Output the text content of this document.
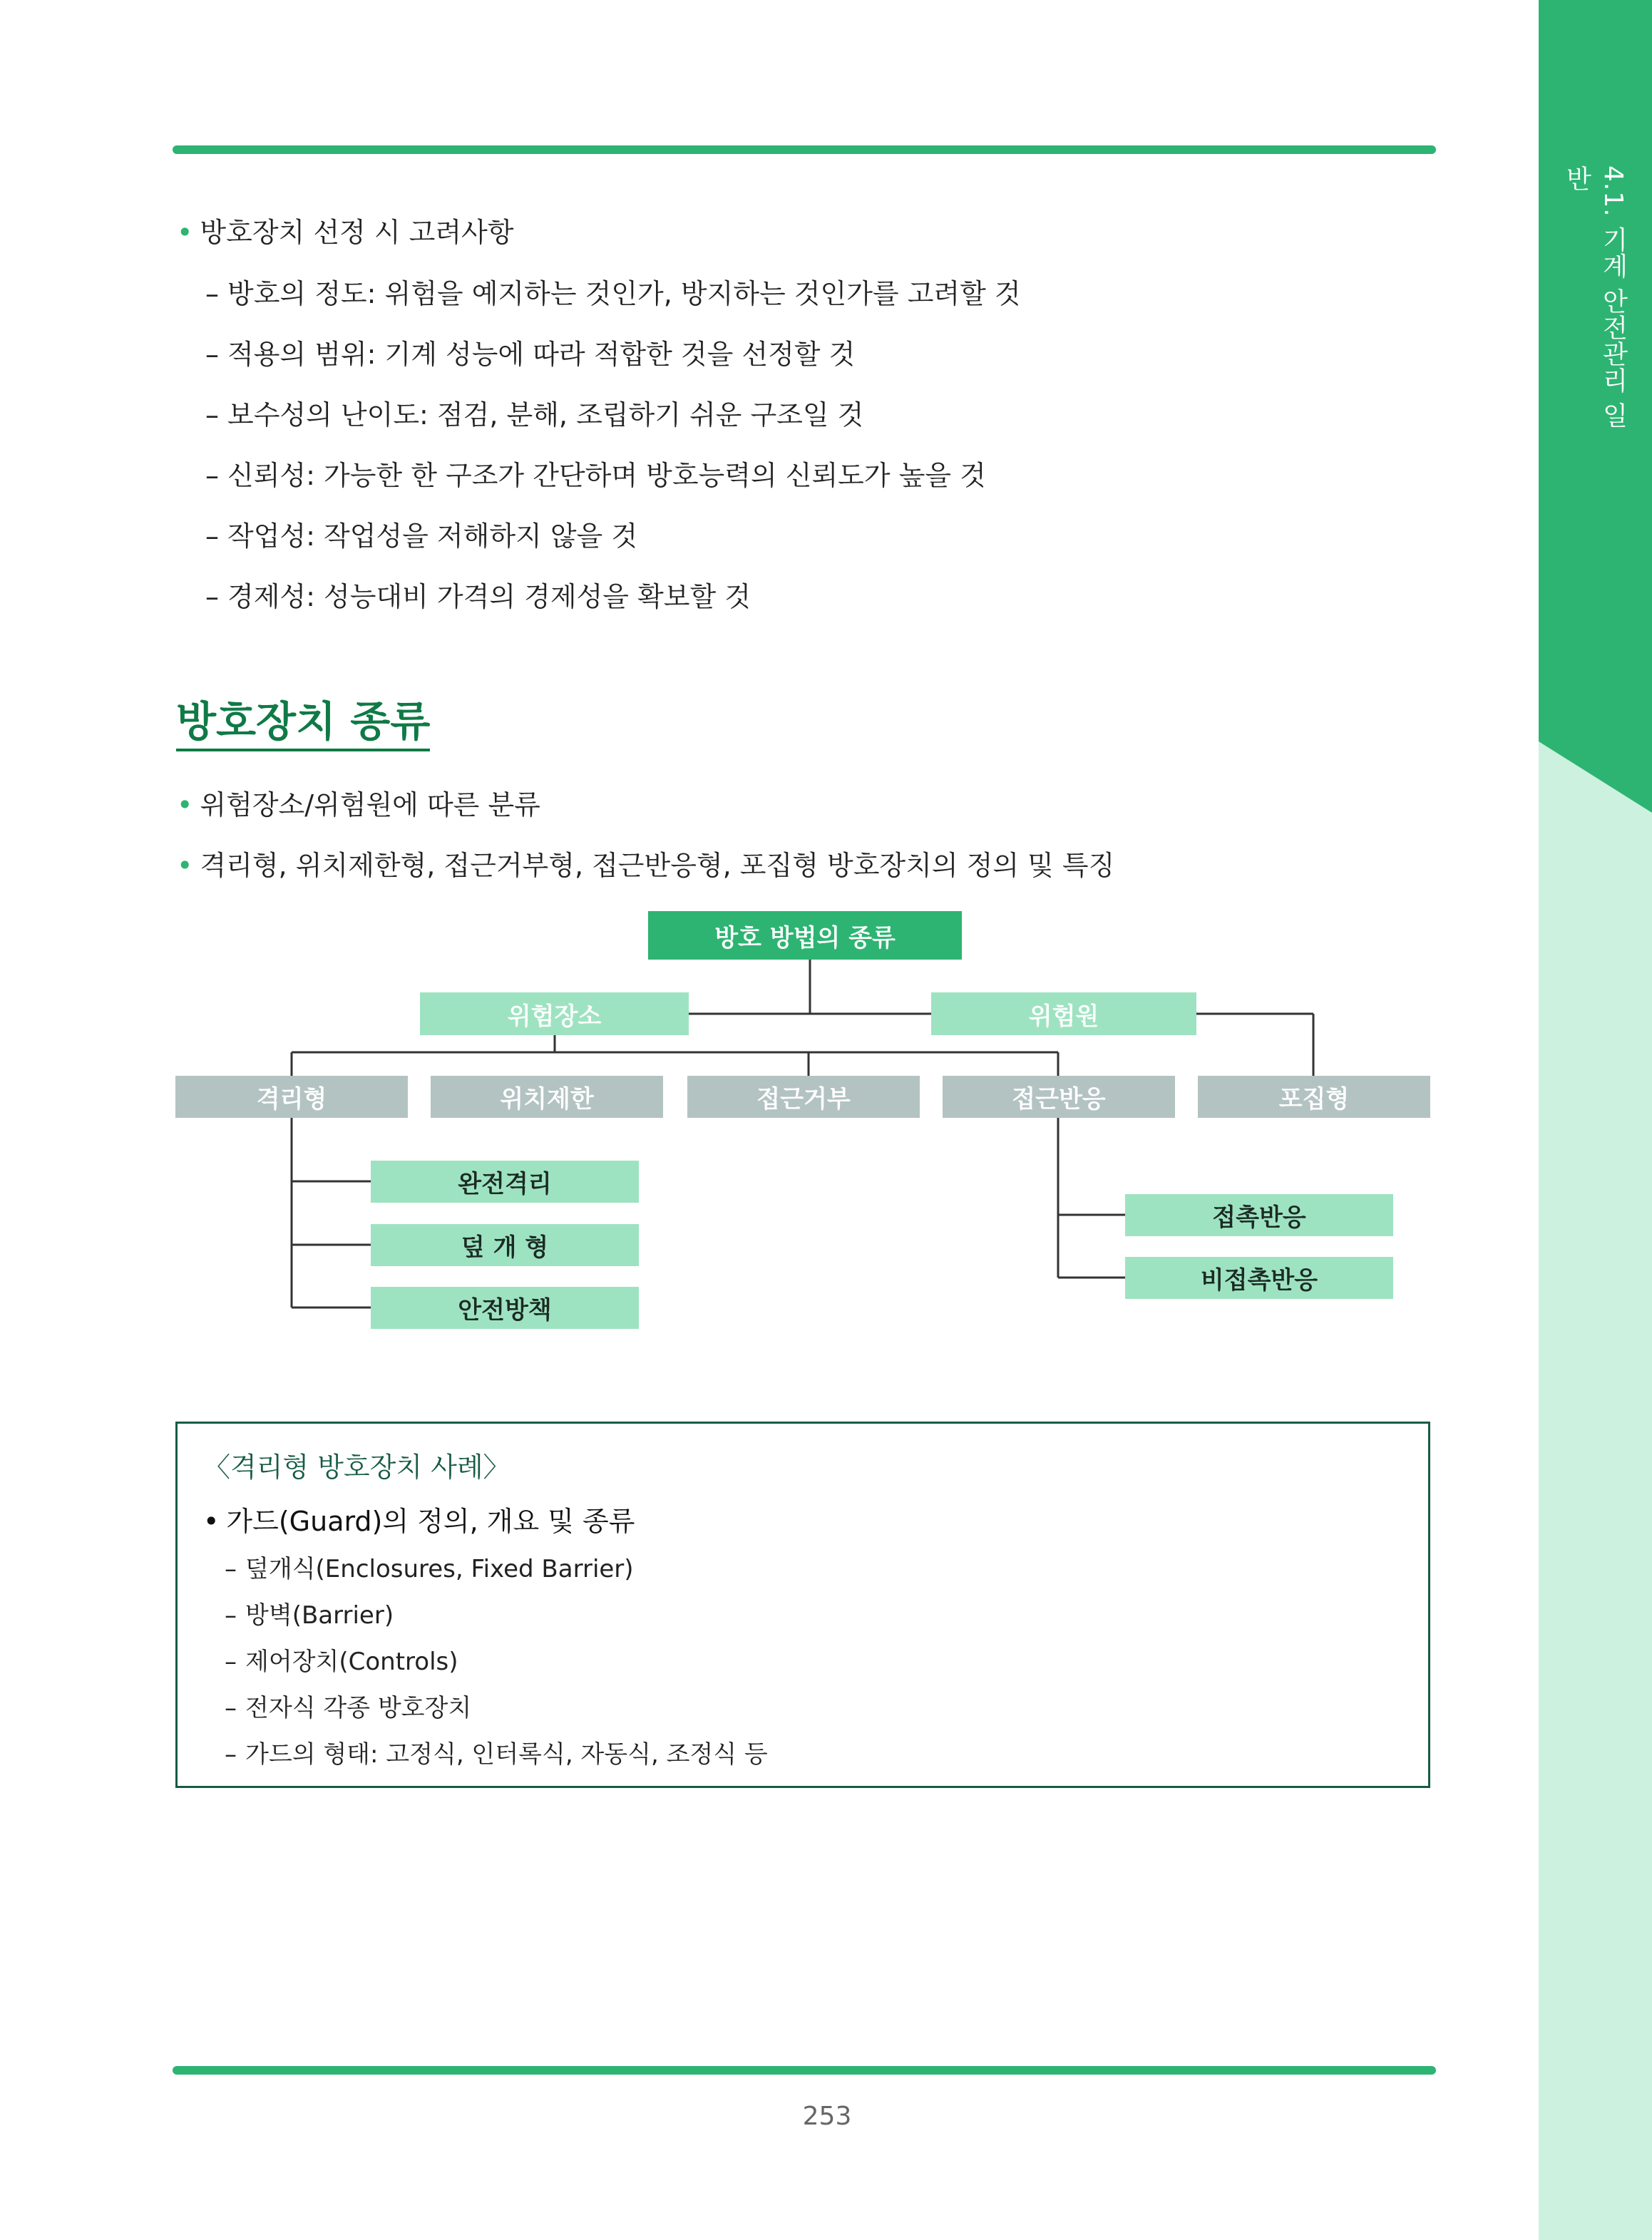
4.1. 기계 안전관리 일반
• 방호장치 선정 시 고려사항
– 방호의 정도: 위험을 예지하는 것인가, 방지하는 것인가를 고려할 것
– 적용의 범위: 기계 성능에 따라 적합한 것을 선정할 것
– 보수성의 난이도: 점검, 분해, 조립하기 쉬운 구조일 것
– 신뢰성: 가능한 한 구조가 간단하며 방호능력의 신뢰도가 높을 것
– 작업성: 작업성을 저해하지 않을 것
– 경제성: 성능대비 가격의 경제성을 확보할 것
방호장치 종류
• 위험장소/위험원에 따른 분류
• 격리형, 위치제한형, 접근거부형, 접근반응형, 포집형 방호장치의 정의 및 특징
방호 방법의 종류
위험장소	위험원
격리형	위치제한	접근거부	접근반응	포집형
완전격리
덮 개 형
안전방책
접촉반응
비접촉반응
〈격리형 방호장치 사례〉
• 가드(Guard)의 정의, 개요 및 종류
– 덮개식(Enclosures, Fixed Barrier)
– 방벽(Barrier)
– 제어장치(Controls)
– 전자식 각종 방호장치
– 가드의 형태: 고정식, 인터록식, 자동식, 조정식 등
253
